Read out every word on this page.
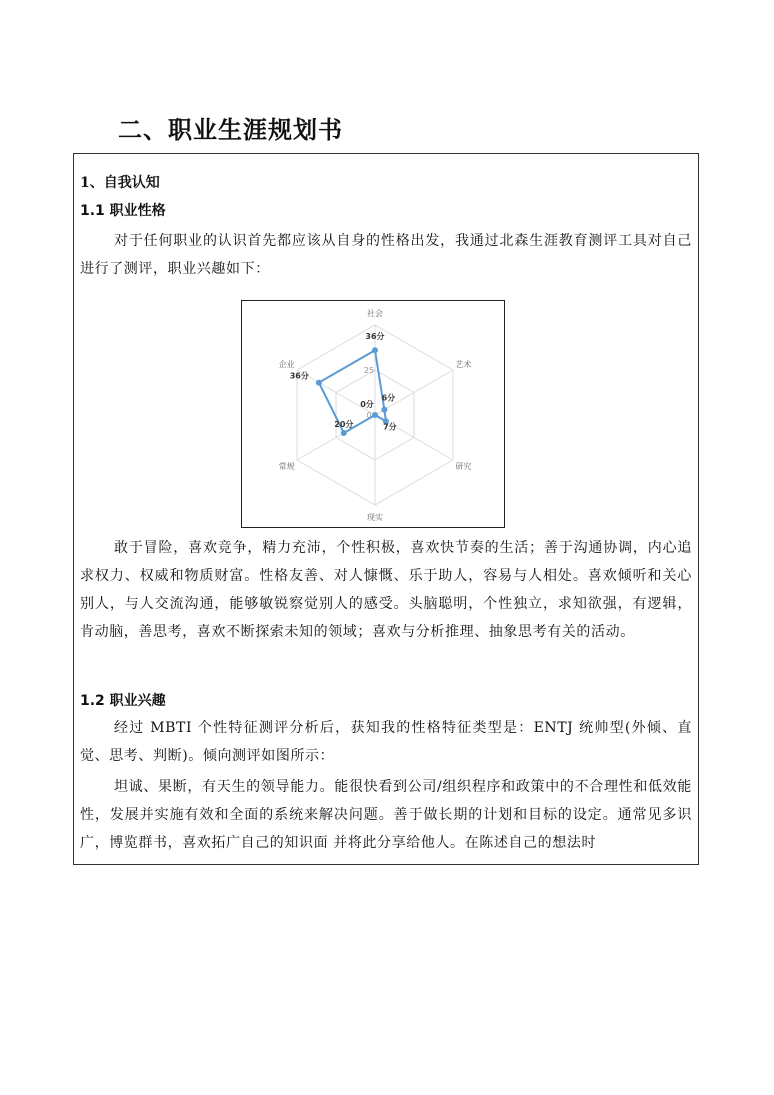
二、职业生涯规划书
1、自我认知
1.1 职业性格
对于任何职业的认识首先都应该从自身的性格出发，我通过北森生涯教育测评工具对自己进行了测评，职业兴趣如下：
社会
艺术
研究
现实
常规
企业
0
25
36分
6分
7分
0分
20分
36分
敢于冒险，喜欢竞争，精力充沛，个性积极，喜欢快节奏的生活；善于沟通协调，内心追求权力、权威和物质财富。性格友善、对人慷慨、乐于助人，容易与人相处。喜欢倾听和关心别人，与人交流沟通，能够敏锐察觉别人的感受。头脑聪明，个性独立，求知欲强，有逻辑，肯动脑，善思考，喜欢不断探索未知的领域；喜欢与分析推理、抽象思考有关的活动。
1.2 职业兴趣
经过 MBTI 个性特征测评分析后，获知我的性格特征类型是：ENTJ 统帅型(外倾、直觉、思考、判断)。倾向测评如图所示：
坦诚、果断，有天生的领导能力。能很快看到公司/组织程序和政策中的不合理性和低效能性，发展并实施有效和全面的系统来解决问题。善于做长期的计划和目标的设定。通常见多识广，博览群书，喜欢拓广自己的知识面 并将此分享给他人。在陈述自己的想法时
